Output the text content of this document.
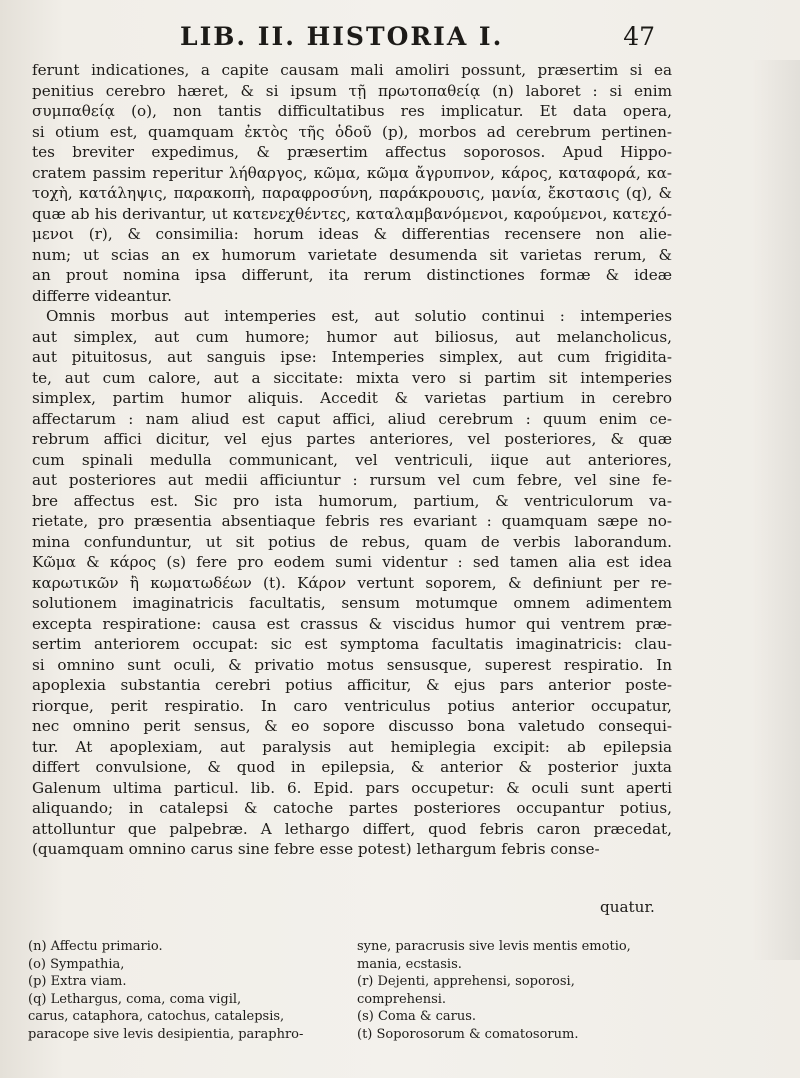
LIB. II. HISTORIA I.	47
ferunt indicationes, a capite causam mali amoliri possunt, præsertim si ea
penitius cerebro hæret, & si ipsum τῇ πρωτοπαθείᾳ (n) laboret : si enim
συμπαθείᾳ (o), non tantis difficultatibus res implicatur. Et data opera,
si otium est, quamquam ἐκτὸς τῆς ὁδοῦ (p), morbos ad cerebrum pertinen-
tes breviter expedimus, & præsertim affectus soporosos. Apud Hippo-
cratem passim reperitur λήθαργος, κῶμα, κῶμα ἄγρυπνον, κάρος, καταφορά, κα-
τοχὴ, κατάληψις, παρακοπὴ, παραφροσύνη, παράκρουσις, μανία, ἔκστασις (q), &
quæ ab his derivantur, ut κατενεχθέντες, καταλαμβανόμενοι, καρούμενοι, κατεχό-
μενοι (r), & consimilia: horum ideas & differentias recensere non alie-
num; ut scias an ex humorum varietate desumenda sit varietas rerum, &
an prout nomina ipsa differunt, ita rerum distinctiones formæ & ideæ
differre videantur.
Omnis morbus aut intemperies est, aut solutio continui : intemperies
aut simplex, aut cum humore; humor aut biliosus, aut melancholicus,
aut pituitosus, aut sanguis ipse: Intemperies simplex, aut cum frigidita-
te, aut cum calore, aut a siccitate: mixta vero si partim sit intemperies
simplex, partim humor aliquis. Accedit & varietas partium in cerebro
affectarum : nam aliud est caput affici, aliud cerebrum : quum enim ce-
rebrum affici dicitur, vel ejus partes anteriores, vel posteriores, & quæ
cum spinali medulla communicant, vel ventriculi, iique aut anteriores,
aut posteriores aut medii afficiuntur : rursum vel cum febre, vel sine fe-
bre affectus est. Sic pro ista humorum, partium, & ventriculorum va-
rietate, pro præsentia absentiaque febris res evariant : quamquam sæpe no-
mina confunduntur, ut sit potius de rebus, quam de verbis laborandum.
Κῶμα & κάρος (s) fere pro eodem sumi videntur : sed tamen alia est idea
καρωτικῶν ἢ κωματωδέων (t). Κάρον vertunt soporem, & definiunt per re-
solutionem imaginatricis facultatis, sensum motumque omnem adimentem
excepta respiratione: causa est crassus & viscidus humor qui ventrem præ-
sertim anteriorem occupat: sic est symptoma facultatis imaginatricis: clau-
si omnino sunt oculi, & privatio motus sensusque, superest respiratio. In
apoplexia substantia cerebri potius afficitur, & ejus pars anterior poste-
riorque, perit respiratio. In caro ventriculus potius anterior occupatur,
nec omnino perit sensus, & eo sopore discusso bona valetudo consequi-
tur. At apoplexiam, aut paralysis aut hemiplegia excipit: ab epilepsia
differt convulsione, & quod in epilepsia, & anterior & posterior juxta
Galenum ultima particul. lib. 6. Epid. pars occupetur: & oculi sunt aperti
aliquando; in catalepsi & catoche partes posteriores occupantur potius,
attolluntur que palpebræ. A lethargo differt, quod febris caron præcedat,
(quamquam omnino carus sine febre esse potest) lethargum febris conse-
quatur.
(n) Affectu primario.
(o) Sympathia,
(p) Extra viam.
(q) Lethargus, coma, coma vigil,
carus, cataphora, catochus, catalepsis,
paracope sive levis desipientia, paraphro-
syne, paracrusis sive levis mentis emotio,
mania, ecstasis.
(r) Dejenti, apprehensi, soporosi,
comprehensi.
(s) Coma & carus.
(t) Soporosorum & comatosorum.
